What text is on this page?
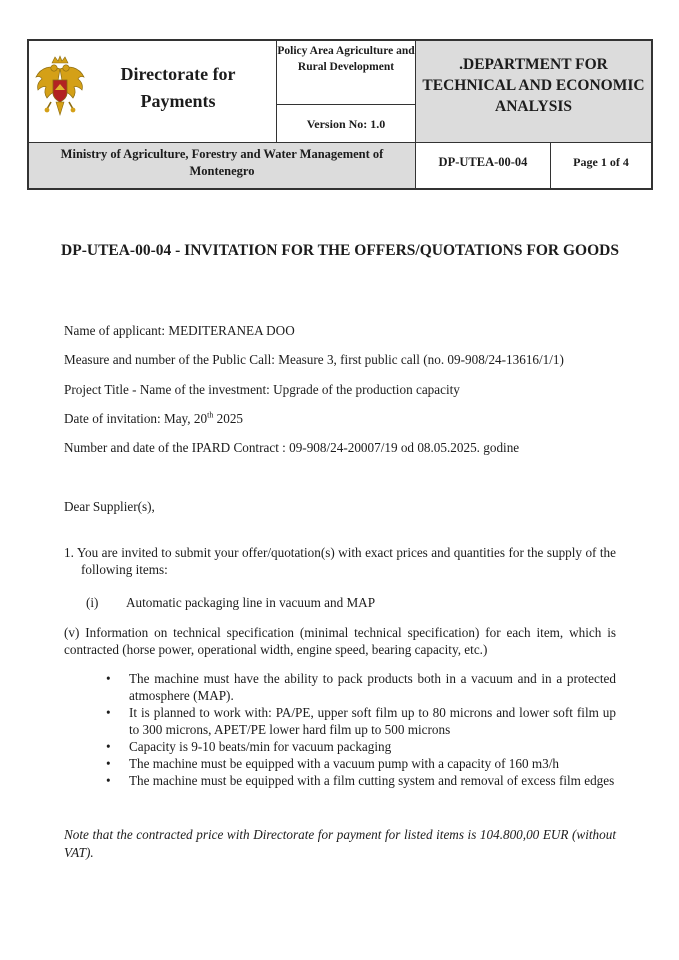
Directorate for Payments
Policy Area Agriculture and Rural Development
Version No: 1.0
.DEPARTMENT FOR TECHNICAL AND ECONOMIC ANALYSIS
Ministry of Agriculture, Forestry and Water Management of Montenegro
DP-UTEA-00-04	Page 1 of 4
DP-UTEA-00-04 - INVITATION FOR THE OFFERS/QUOTATIONS FOR GOODS
Name of applicant: MEDITERANEA DOO
Measure and number of the Public Call: Measure 3, first public call (no. 09-908/24-13616/1/1)
Project Title - Name of the investment: Upgrade of the production capacity
Date of invitation: May, 20th 2025
Number and date of the IPARD Contract : 09-908/24-20007/19 od 08.05.2025. godine
Dear Supplier(s),
1. You are invited to submit your offer/quotation(s) with exact prices and quantities for the supply of the following items:
(i) Automatic packaging line in vacuum and MAP
(v) Information on technical specification (minimal technical specification) for each item, which is contracted (horse power, operational width, engine speed, bearing capacity, etc.)
• The machine must have the ability to pack products both in a vacuum and in a protected atmosphere (MAP).
• It is planned to work with: PA/PE, upper soft film up to 80 microns and lower soft film up to 300 microns, APET/PE lower hard film up to 500 microns
• Capacity is 9-10 beats/min for vacuum packaging
• The machine must be equipped with a vacuum pump with a capacity of 160 m3/h
• The machine must be equipped with a film cutting system and removal of excess film edges
Note that the contracted price with Directorate for payment for listed items is 104.800,00 EUR (without VAT).
